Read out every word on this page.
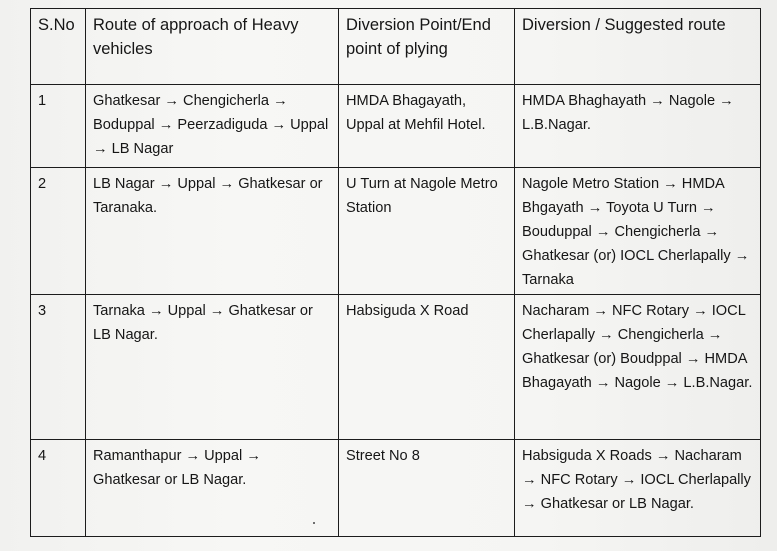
S.No	Route of approach of Heavy vehicles	Diversion Point/End point of plying	Diversion / Suggested route
1	Ghatkesar → Chengicherla → Boduppal → Peerzadiguda → Uppal → LB Nagar	HMDA Bhagayath, Uppal at Mehfil Hotel.	HMDA Bhaghayath → Nagole → L.B.Nagar.
2	LB Nagar → Uppal → Ghatkesar or Taranaka.	U Turn at Nagole Metro Station	Nagole Metro Station → HMDA Bhgayath → Toyota U Turn → Bouduppal → Chengicherla → Ghatkesar (or) IOCL Cherlapally → Tarnaka
3	Tarnaka → Uppal → Ghatkesar or LB Nagar.	Habsiguda X Road	Nacharam → NFC Rotary → IOCL Cherlapally → Chengicherla → Ghatkesar (or) Boudppal → HMDA Bhagayath → Nagole → L.B.Nagar.
4	Ramanthapur → Uppal → Ghatkesar or LB Nagar.	Street No 8	Habsiguda X Roads → Nacharam → NFC Rotary → IOCL Cherlapally → Ghatkesar or LB Nagar.
